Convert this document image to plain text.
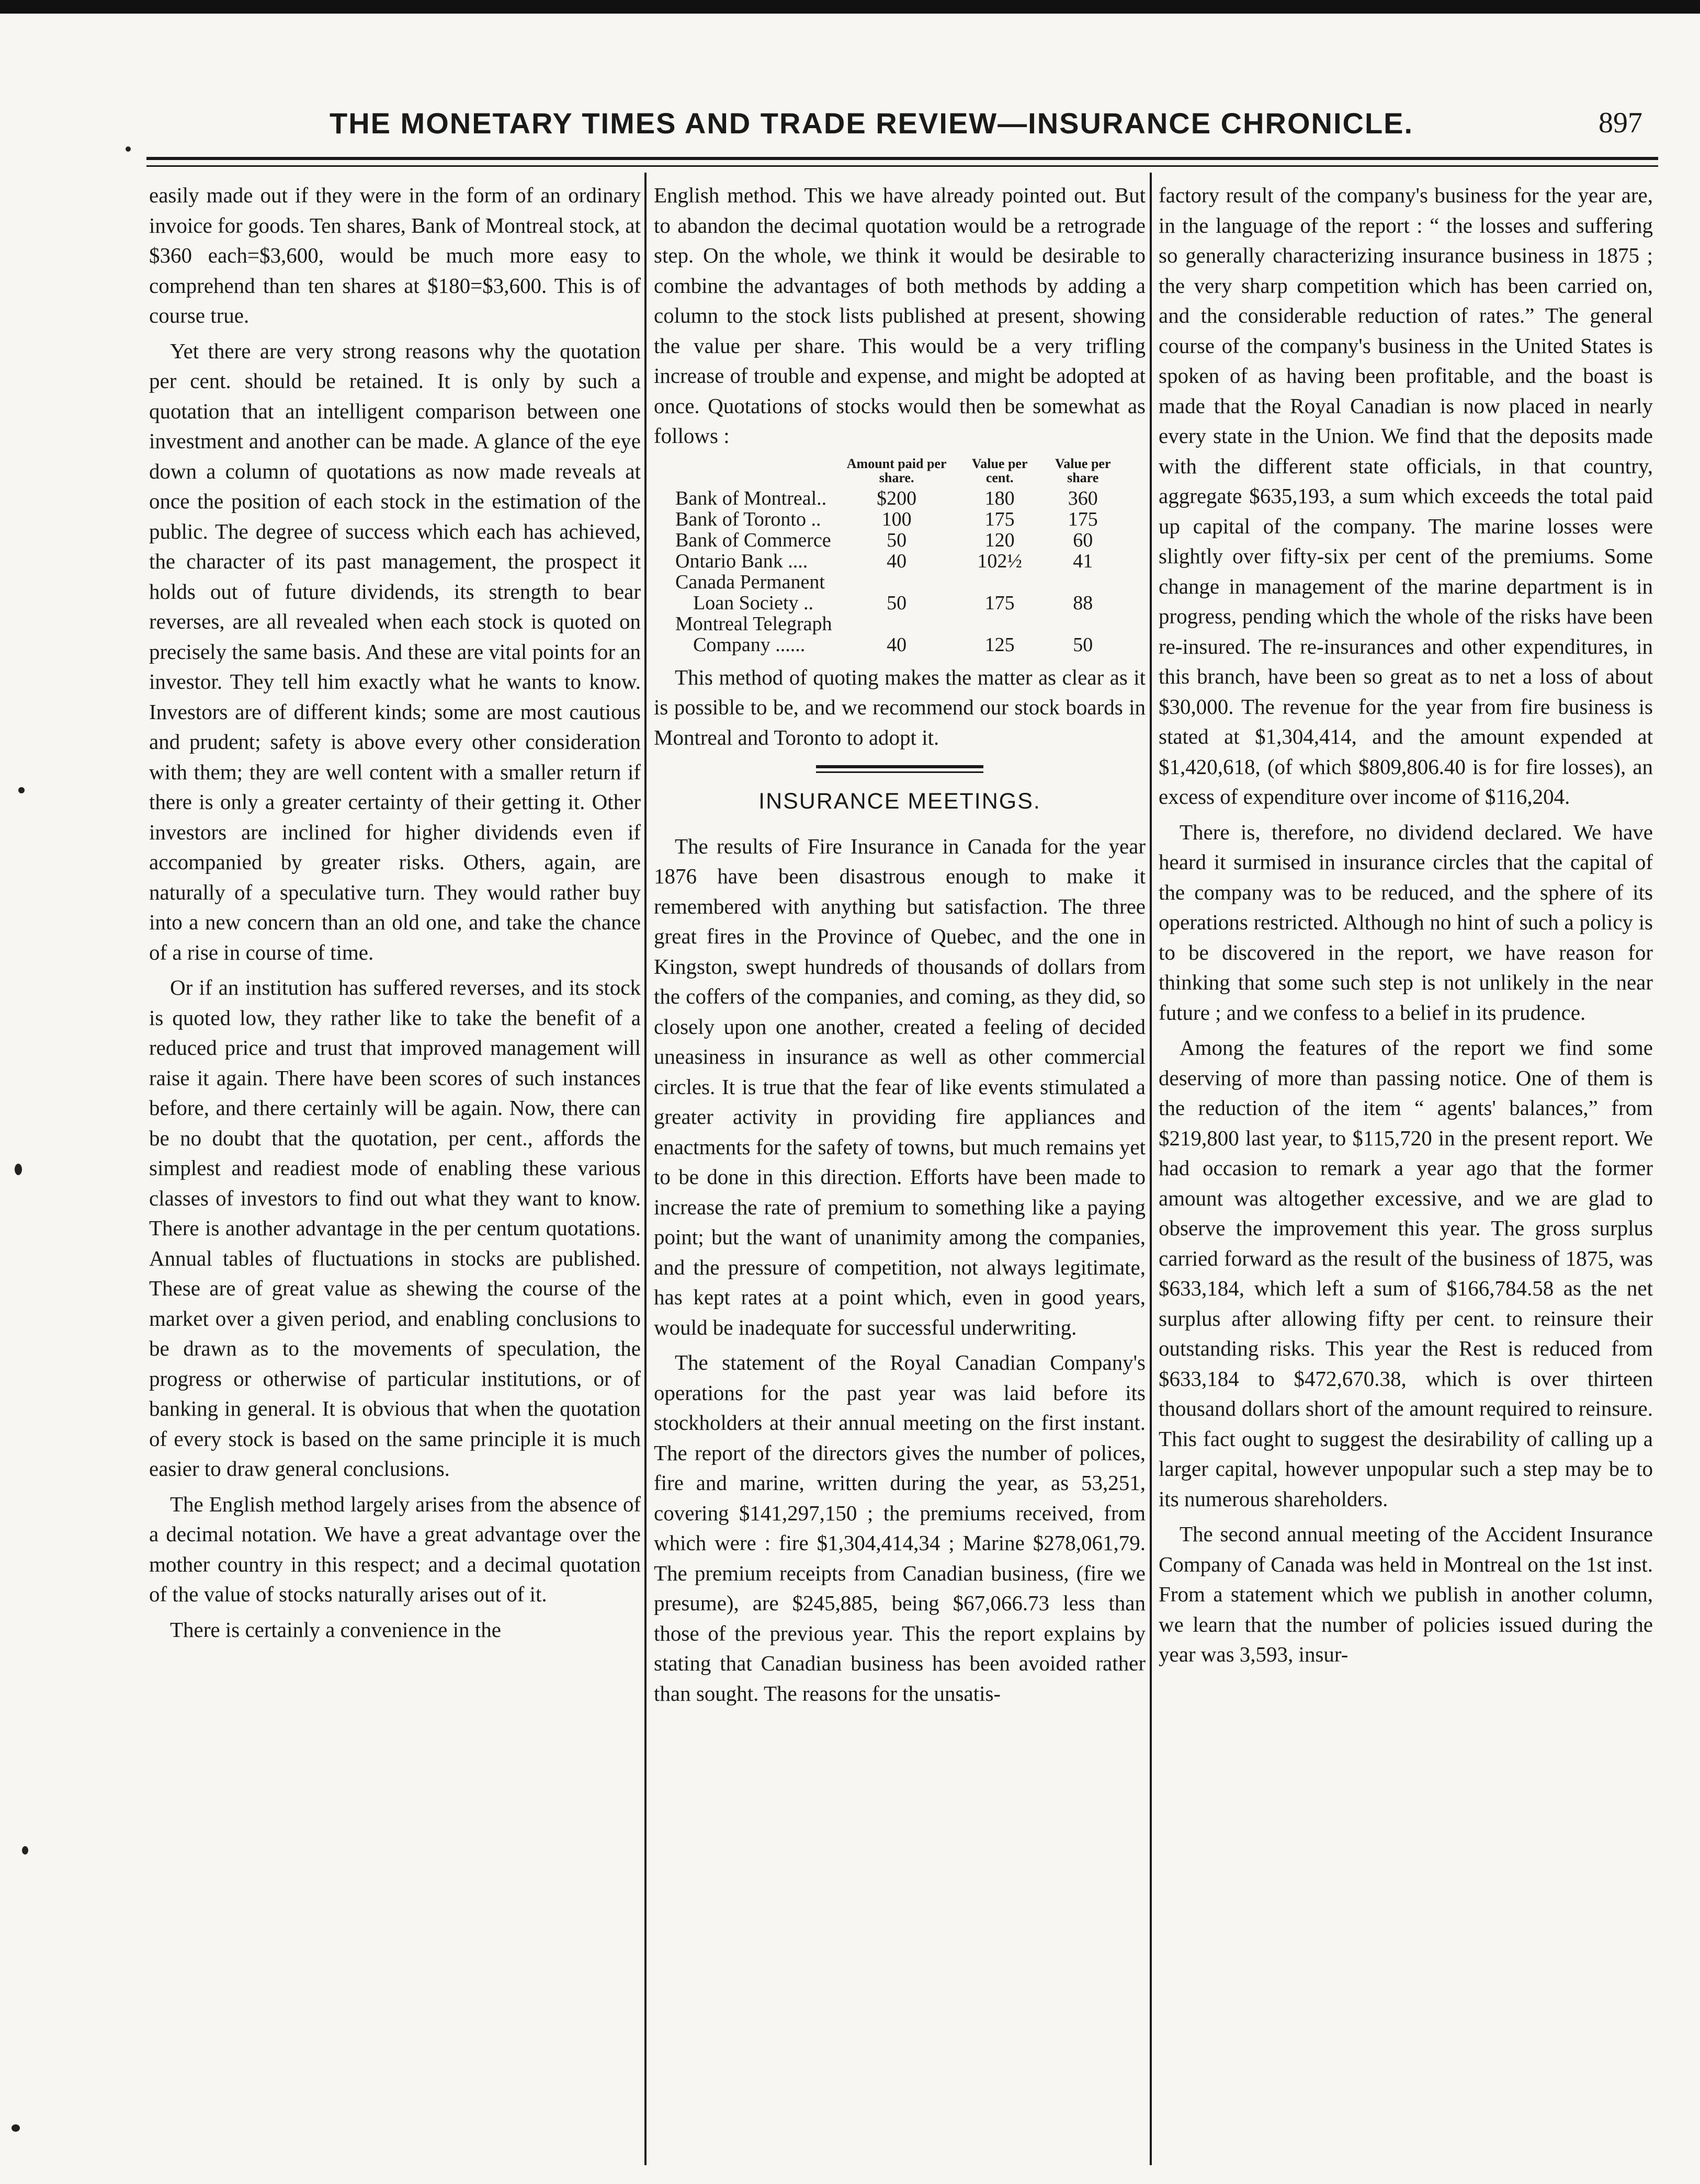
THE MONETARY TIMES AND TRADE REVIEW—INSURANCE CHRONICLE.	897

easily made out if they were in the form of an ordinary invoice for goods. Ten shares, Bank of Montreal stock, at $360 each=$3,600, would be much more easy to comprehend than ten shares at $180=$3,600. This is of course true.

Yet there are very strong reasons why the quotation per cent. should be retained. It is only by such a quotation that an intelligent comparison between one investment and another can be made. A glance of the eye down a column of quotations as now made reveals at once the position of each stock in the estimation of the public. The degree of success which each has achieved, the character of its past management, the prospect it holds out of future dividends, its strength to bear reverses, are all revealed when each stock is quoted on precisely the same basis. And these are vital points for an investor. They tell him exactly what he wants to know. Investors are of different kinds; some are most cautious and prudent; safety is above every other consideration with them; they are well content with a smaller return if there is only a greater certainty of their getting it. Other investors are inclined for higher dividends even if accompanied by greater risks. Others, again, are naturally of a speculative turn. They would rather buy into a new concern than an old one, and take the chance of a rise in course of time.

Or if an institution has suffered reverses, and its stock is quoted low, they rather like to take the benefit of a reduced price and trust that improved management will raise it again. There have been scores of such instances before, and there certainly will be again. Now, there can be no doubt that the quotation, per cent., affords the simplest and readiest mode of enabling these various classes of investors to find out what they want to know. There is another advantage in the per centum quotations. Annual tables of fluctuations in stocks are published. These are of great value as shewing the course of the market over a given period, and enabling conclusions to be drawn as to the movements of speculation, the progress or otherwise of particular institutions, or of banking in general. It is obvious that when the quotation of every stock is based on the same principle it is much easier to draw general conclusions.

The English method largely arises from the absence of a decimal notation. We have a great advantage over the mother country in this respect; and a decimal quotation of the value of stocks naturally arises out of it.

There is certainly a convenience in the

English method. This we have already pointed out. But to abandon the decimal quotation would be a retrograde step. On the whole, we think it would be desirable to combine the advantages of both methods by adding a column to the stock lists published at present, showing the value per share. This would be a very trifling increase of trouble and expense, and might be adopted at once. Quotations of stocks would then be somewhat as follows :

	Amount paid per share.	Value per cent.	Value per share
Bank of Montreal..	$200	180	360
Bank of Toronto ..	100	175	175
Bank of Commerce	50	120	60
Ontario Bank ....	40	102½	41
Canada Permanent			
Loan Society ..	50	175	88
Montreal Telegraph			
Company ......	40	125	50

This method of quoting makes the matter as clear as it is possible to be, and we recommend our stock boards in Montreal and Toronto to adopt it.

INSURANCE MEETINGS.

The results of Fire Insurance in Canada for the year 1876 have been disastrous enough to make it remembered with anything but satisfaction. The three great fires in the Province of Quebec, and the one in Kingston, swept hundreds of thousands of dollars from the coffers of the companies, and coming, as they did, so closely upon one another, created a feeling of decided uneasiness in insurance as well as other commercial circles. It is true that the fear of like events stimulated a greater activity in providing fire appliances and enactments for the safety of towns, but much remains yet to be done in this direction. Efforts have been made to increase the rate of premium to something like a paying point; but the want of unanimity among the companies, and the pressure of competition, not always legitimate, has kept rates at a point which, even in good years, would be inadequate for successful underwriting.

The statement of the Royal Canadian Company's operations for the past year was laid before its stockholders at their annual meeting on the first instant. The report of the directors gives the number of polices, fire and marine, written during the year, as 53,251, covering $141,297,150 ; the premiums received, from which were : fire $1,304,414,34 ; Marine $278,061,79. The premium receipts from Canadian business, (fire we presume), are $245,885, being $67,066.73 less than those of the previous year. This the report explains by stating that Canadian business has been avoided rather than sought. The reasons for the unsatis-

factory result of the company's business for the year are, in the language of the report : “ the losses and suffering so generally characterizing insurance business in 1875 ; the very sharp competition which has been carried on, and the considerable reduction of rates.” The general course of the company's business in the United States is spoken of as having been profitable, and the boast is made that the Royal Canadian is now placed in nearly every state in the Union. We find that the deposits made with the different state officials, in that country, aggregate $635,193, a sum which exceeds the total paid up capital of the company. The marine losses were slightly over fifty-six per cent of the premiums. Some change in management of the marine department is in progress, pending which the whole of the risks have been re-insured. The re-insurances and other expenditures, in this branch, have been so great as to net a loss of about $30,000. The revenue for the year from fire business is stated at $1,304,414, and the amount expended at $1,420,618, (of which $809,806.40 is for fire losses), an excess of expenditure over income of $116,204.

There is, therefore, no dividend declared. We have heard it surmised in insurance circles that the capital of the company was to be reduced, and the sphere of its operations restricted. Although no hint of such a policy is to be discovered in the report, we have reason for thinking that some such step is not unlikely in the near future ; and we confess to a belief in its prudence.

Among the features of the report we find some deserving of more than passing notice. One of them is the reduction of the item “ agents' balances,” from $219,800 last year, to $115,720 in the present report. We had occasion to remark a year ago that the former amount was altogether excessive, and we are glad to observe the improvement this year. The gross surplus carried forward as the result of the business of 1875, was $633,184, which left a sum of $166,784.58 as the net surplus after allowing fifty per cent. to reinsure their outstanding risks. This year the Rest is reduced from $633,184 to $472,670.38, which is over thirteen thousand dollars short of the amount required to reinsure. This fact ought to suggest the desirability of calling up a larger capital, however unpopular such a step may be to its numerous shareholders.

The second annual meeting of the Accident Insurance Company of Canada was held in Montreal on the 1st inst. From a statement which we publish in another column, we learn that the number of policies issued during the year was 3,593, insur-
